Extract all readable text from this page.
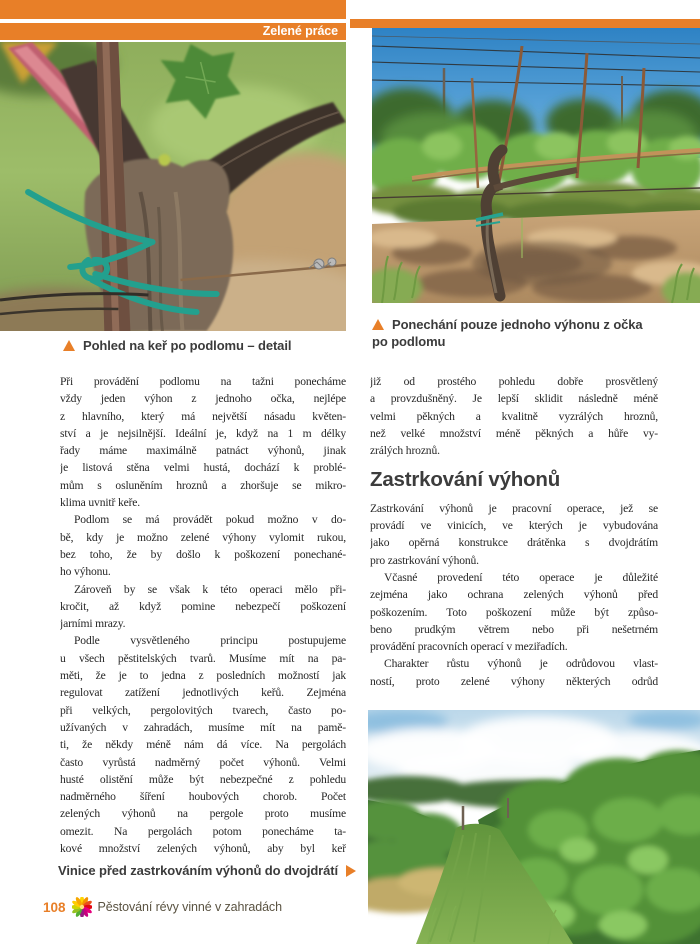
Zelené práce
Pohled na keř po podlomu – detail
Ponechání pouze jednoho výhonu z očka
po podlomu
Při provádění podlomu na tažni ponecháme
vždy jeden výhon z jednoho očka, nejlépe
z hlavního, který má největší násadu květen-
ství a je nejsilnější. Ideální je, když na 1 m délky
řady máme maximálně patnáct výhonů, jinak
je listová stěna velmi hustá, dochází k problé-
mům s osluněním hroznů a zhoršuje se mikro-
klima uvnitř keře.
Podlom se má provádět pokud možno v do-
bě, kdy je možno zelené výhony vylomit rukou,
bez toho, že by došlo k poškození ponechané-
ho výhonu.
Zároveň by se však k této operaci mělo při-
kročit, až když pomine nebezpečí poškození
jarními mrazy.
Podle vysvětleného principu postupujeme
u všech pěstitelských tvarů. Musíme mít na pa-
měti, že je to jedna z posledních možností jak
regulovat zatížení jednotlivých keřů. Zejména
při velkých, pergolovitých tvarech, často po-
užívaných v zahradách, musíme mít na pamě-
ti, že někdy méně nám dá více. Na pergolách
často vyrůstá nadměrný počet výhonů. Velmi
husté olistění může být nebezpečné z pohledu
nadměrného šíření houbových chorob. Počet
zelených výhonů na pergole proto musíme
omezit. Na pergolách potom ponecháme ta-
kové množství zelených výhonů, aby byl keř
již od prostého pohledu dobře prosvětlený
a provzdušněný. Je lepší sklidit následně méně
velmi pěkných a kvalitně vyzrálých hroznů,
než velké množství méně pěkných a hůře vy-
zrálých hroznů.
Zastrkování výhonů
Zastrkování výhonů je pracovní operace, jež se
provádí ve vinicích, ve kterých je vybudována
jako opěrná konstrukce drátěnka s dvojdrátím
pro zastrkování výhonů.
Včasné provedení této operace je důležité
zejména jako ochrana zelených výhonů před
poškozením. Toto poškození může být způso-
beno prudkým větrem nebo při nešetrném
provádění pracovních operací v meziřadích.
Charakter růstu výhonů je odrůdovou vlast-
ností, proto zelené výhony některých odrůd
Vinice před zastrkováním výhonů do dvojdrátí
108	Pěstování révy vinné v zahradách
